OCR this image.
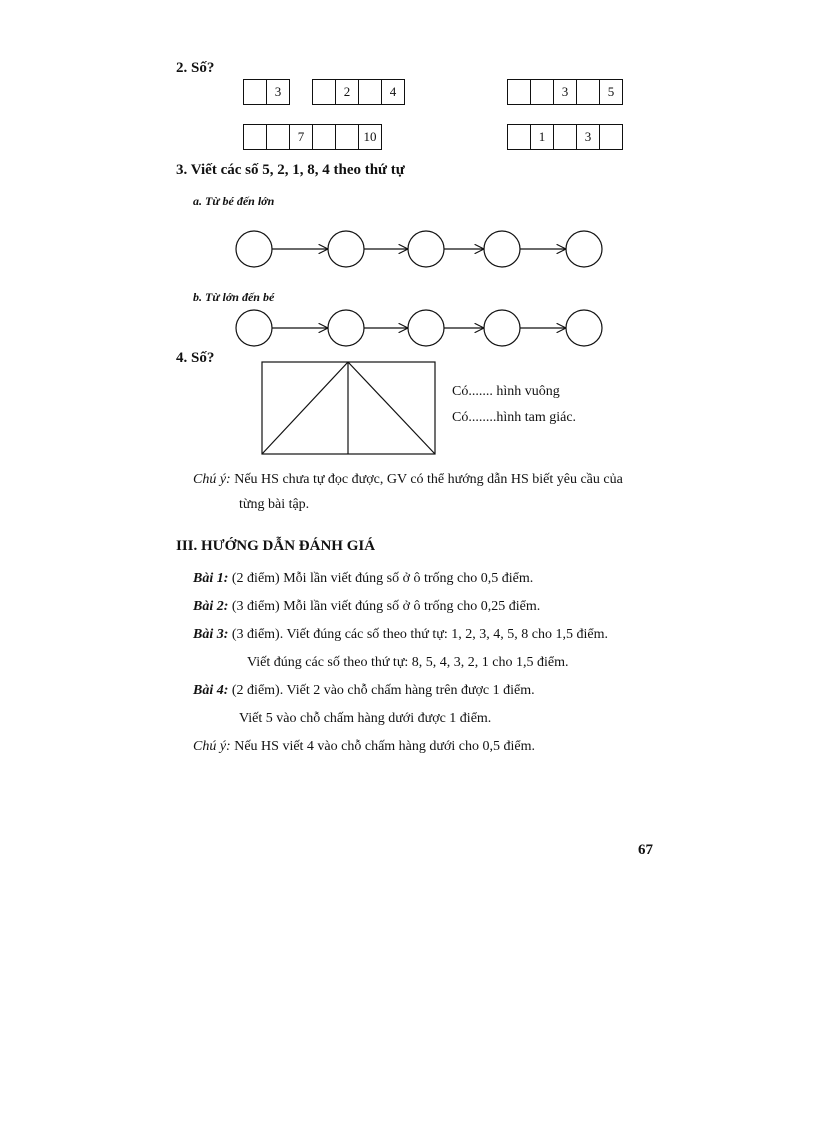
2. Số?
3	2	4	3	5
7	10	1	3
3. Viết các số 5, 2, 1, 8, 4 theo thứ tự
a. Từ bé đến lớn
b. Từ lớn đến bé
4. Số?
Có....... hình vuông
Có........hình tam giác.
Chú ý: Nếu HS chưa tự đọc được, GV có thể hướng dẫn HS biết yêu cầu của
từng bài tập.
III. HƯỚNG DẪN ĐÁNH GIÁ
Bài 1: (2 điểm) Mỗi lần viết đúng số ở ô trống cho 0,5 điểm.
Bài 2: (3 điểm) Mỗi lần viết đúng số ở ô trống cho 0,25 điểm.
Bài 3: (3 điểm). Viết đúng các số theo thứ tự: 1, 2, 3, 4, 5, 8 cho 1,5 điểm.
Viết đúng các số theo thứ tự: 8, 5, 4, 3, 2, 1 cho 1,5 điểm.
Bài 4: (2 điểm). Viết 2 vào chỗ chấm hàng trên được 1 điểm.
Viết 5 vào chỗ chấm hàng dưới được 1 điểm.
Chú ý: Nếu HS viết 4 vào chỗ chấm hàng dưới cho 0,5 điểm.
67
